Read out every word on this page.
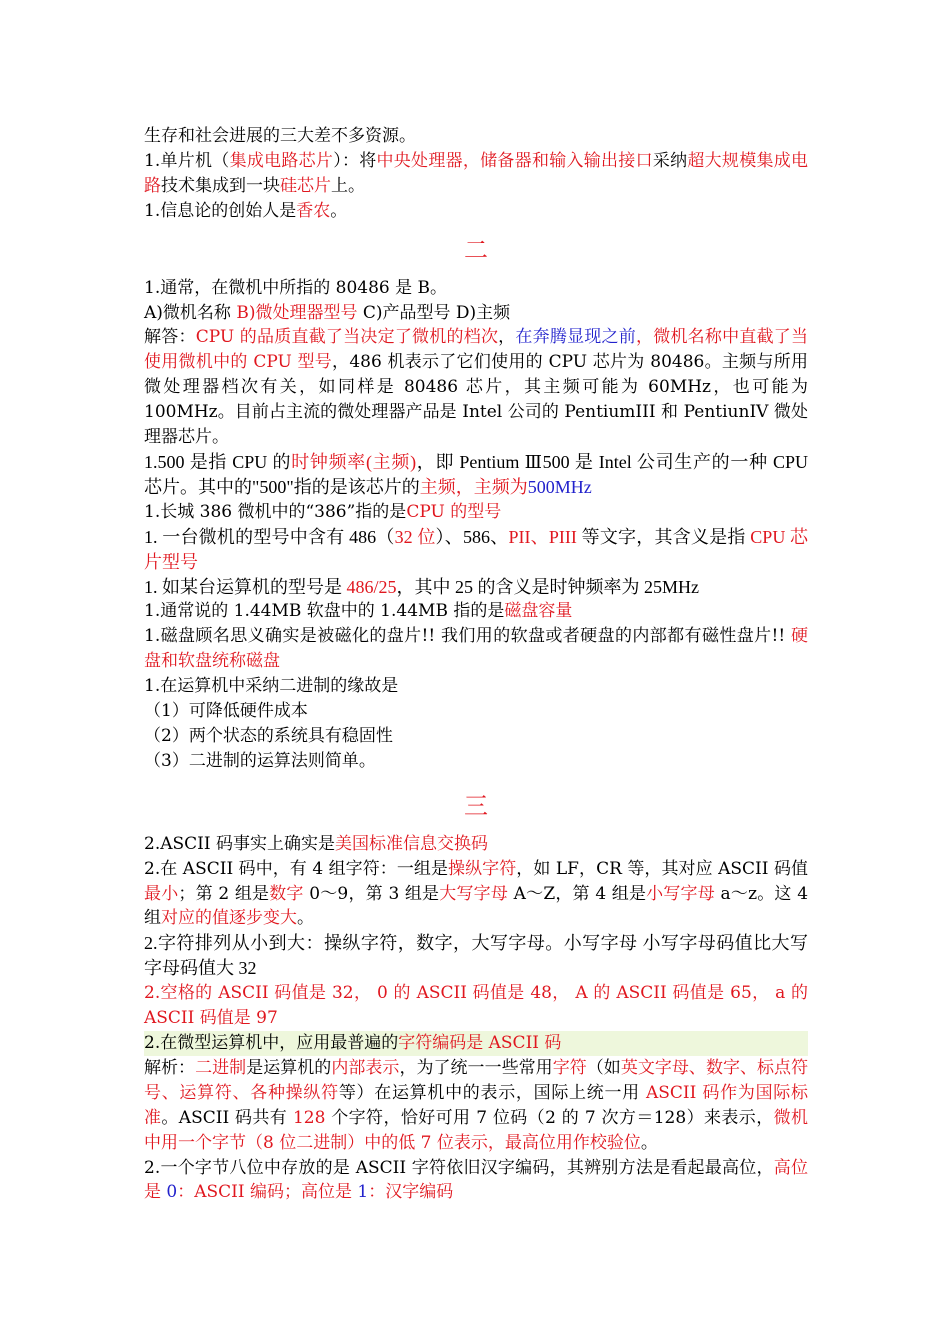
生存和社会进展的三大差不多资源。

1.单片机（集成电路芯片）：将中央处理器，储备器和输入输出接口采纳超大规模集成电路技术集成到一块硅芯片上。

1.信息论的创始人是香农。

二

1.通常，在微机中所指的 80486 是 B。

A)微机名称 B)微处理器型号 C)产品型号 D)主频

解答：CPU 的品质直截了当决定了微机的档次，在奔腾显现之前，微机名称中直截了当使用微机中的 CPU 型号，486 机表示了它们使用的 CPU 芯片为 80486。主频与所用微处理器档次有关，如同样是 80486 芯片，其主频可能为 60MHz，也可能为 100MHz。目前占主流的微处理器产品是 Intel 公司的 PentiumIII 和 PentiunIV 微处理器芯片。

1.500 是指 CPU 的时钟频率(主频)，即 Pentium Ⅲ500 是 Intel 公司生产的一种 CPU 芯片。其中的"500"指的是该芯片的主频，主频为500MHz

1.长城 386 微机中的“386”指的是CPU 的型号

1. 一台微机的型号中含有 486（32 位）、586、PII、PIII 等文字，其含义是指 CPU 芯片型号

1. 如某台运算机的型号是 486/25，其中 25 的含义是时钟频率为 25MHz

1.通常说的 1.44MB 软盘中的 1.44MB 指的是磁盘容量

1.磁盘顾名思义确实是被磁化的盘片!! 我们用的软盘或者硬盘的内部都有磁性盘片!! 硬盘和软盘统称磁盘

1.在运算机中采纳二进制的缘故是

（1）可降低硬件成本

（2）两个状态的系统具有稳固性

（3）二进制的运算法则简单。

三

2.ASCII 码事实上确实是美国标准信息交换码

2.在 ASCII 码中，有 4 组字符：一组是操纵字符，如 LF，CR 等，其对应 ASCII 码值最小；第 2 组是数字 0～9，第 3 组是大写字母 A～Z，第 4 组是小写字母 a～z。这 4 组对应的值逐步变大。

2.字符排列从小到大：操纵字符，数字，大写字母。小写字母 小写字母码值比大写字母码值大 32

2.空格的 ASCII 码值是 32， 0 的 ASCII 码值是 48， A 的 ASCII 码值是 65， a 的 ASCII 码值是 97

2.在微型运算机中，应用最普遍的字符编码是 ASCII 码

解析：二进制是运算机的内部表示，为了统一一些常用字符（如英文字母、数字、标点符号、运算符、各种操纵符等）在运算机中的表示，国际上统一用 ASCII 码作为国际标准。ASCII 码共有 128 个字符，恰好可用 7 位码（2 的 7 次方＝128）来表示，微机中用一个字节（8 位二进制）中的低 7 位表示，最高位用作校验位。

2.一个字节八位中存放的是 ASCII 字符依旧汉字编码，其辨别方法是看起最高位，高位是 0：ASCII 编码；高位是 1：汉字编码
